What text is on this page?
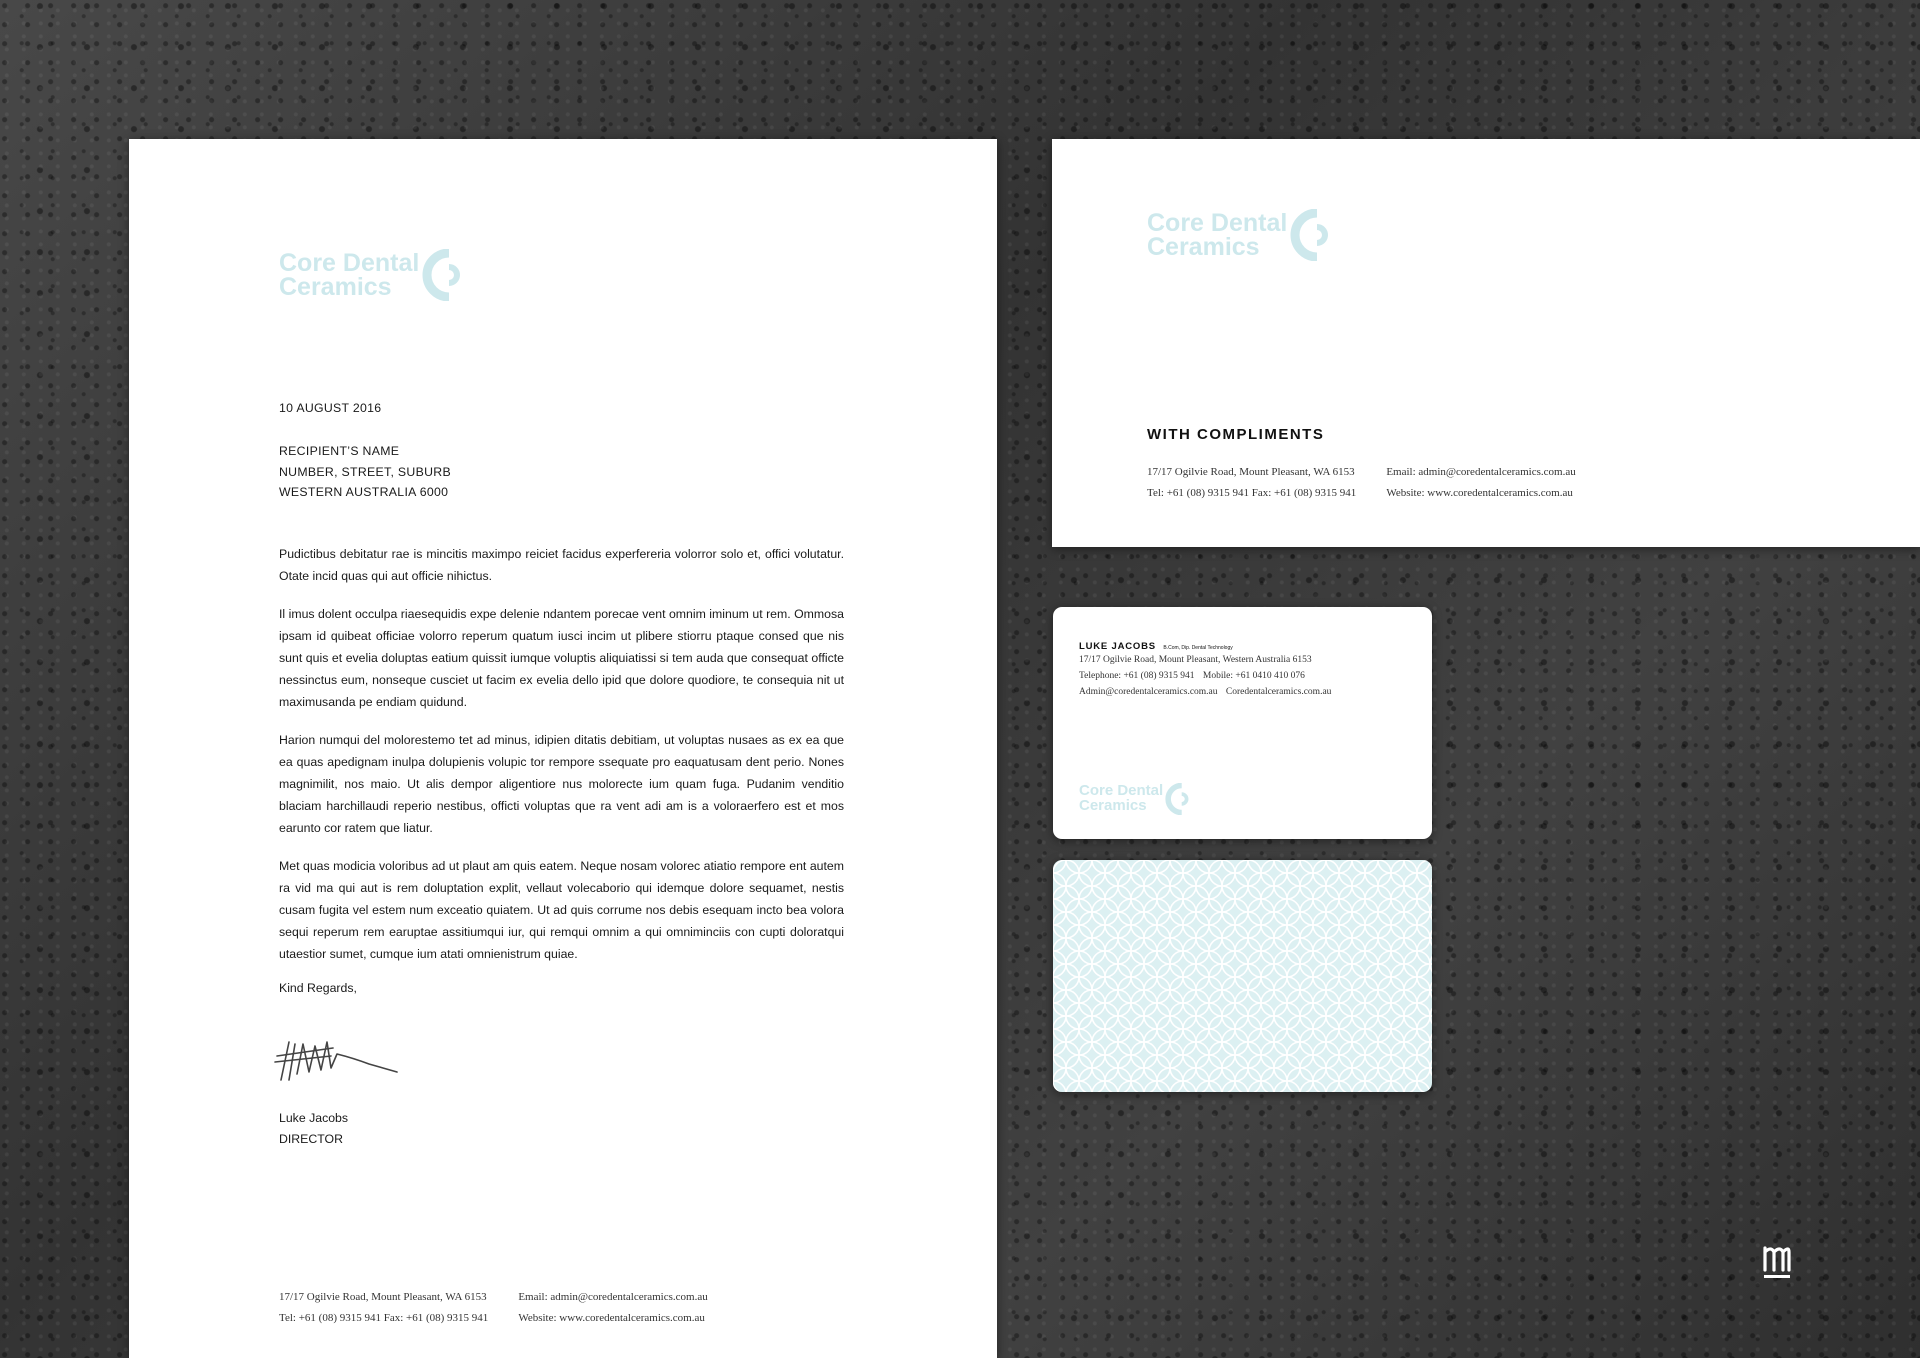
Core Dental
Ceramics
10 AUGUST 2016
RECIPIENT’S NAME
NUMBER, STREET, SUBURB
WESTERN AUSTRALIA 6000

Pudictibus debitatur rae is mincitis maximpo reiciet facidus experfereria volorror solo et, offici volutatur. Otate incid quas qui aut officie nihictus.

Il imus dolent occulpa riaesequidis expe delenie ndantem porecae vent omnim iminum ut rem. Ommosa ipsam id quibeat officiae volorro reperum quatum iusci incim ut plibere stiorru ptaque consed que nis sunt quis et evelia doluptas eatium quissit iumque voluptis aliquiatissi si tem auda que consequat officte nessinctus eum, nonseque cusciet ut facim ex evelia dello ipid que dolore quodiore, te consequia nit ut maximusanda pe endiam quidund.

Harion numqui del molorestemo tet ad minus, idipien ditatis debitiam, ut voluptas nusaes as ex ea que ea quas apedignam inulpa dolupienis volupic tor rempore ssequate pro eaquatusam dent perio. Nones magnimilit, nos maio. Ut alis dempor aligentiore nus molorecte ium quam fuga. Pudanim venditio blaciam harchillaudi reperio nestibus, officti voluptas que ra vent adi am is a voloraerfero est et mos earunto cor ratem que liatur.

Met quas modicia voloribus ad ut plaut am quis eatem. Neque nosam volorec atiatio rempore ent autem ra vid ma qui aut is rem doluptation explit, vellaut volecaborio qui idemque dolore sequamet, nestis cusam fugita vel estem num exceatio quiatem. Ut ad quis corrume nos debis esequam incto bea volora sequi reperum rem earuptae assitiumqui iur, qui remqui omnim a qui omniminciis con cupti doloratqui utaestior sumet, cumque ium atati omnienistrum quiae.

Kind Regards,
Luke Jacobs
DIRECTOR
17/17 Ogilvie Road, Mount Pleasant, WA 6153
Tel: +61 (08) 9315 941 Fax: +61 (08) 9315 941
Email: admin@coredentalceramics.com.au
Website: www.coredentalceramics.com.au
Core Dental
Ceramics
WITH COMPLIMENTS
17/17 Ogilvie Road, Mount Pleasant, WA 6153
Tel: +61 (08) 9315 941 Fax: +61 (08) 9315 941
Email: admin@coredentalceramics.com.au
Website: www.coredentalceramics.com.au
LUKE JACOBS B.Com, Dip. Dental Technology
17/17 Ogilvie Road, Mount Pleasant, Western Australia 6153
Telephone: +61 (08) 9315 941 Mobile: +61 0410 410 076
Admin@coredentalceramics.com.au Coredentalceramics.com.au
Core Dental
Ceramics
